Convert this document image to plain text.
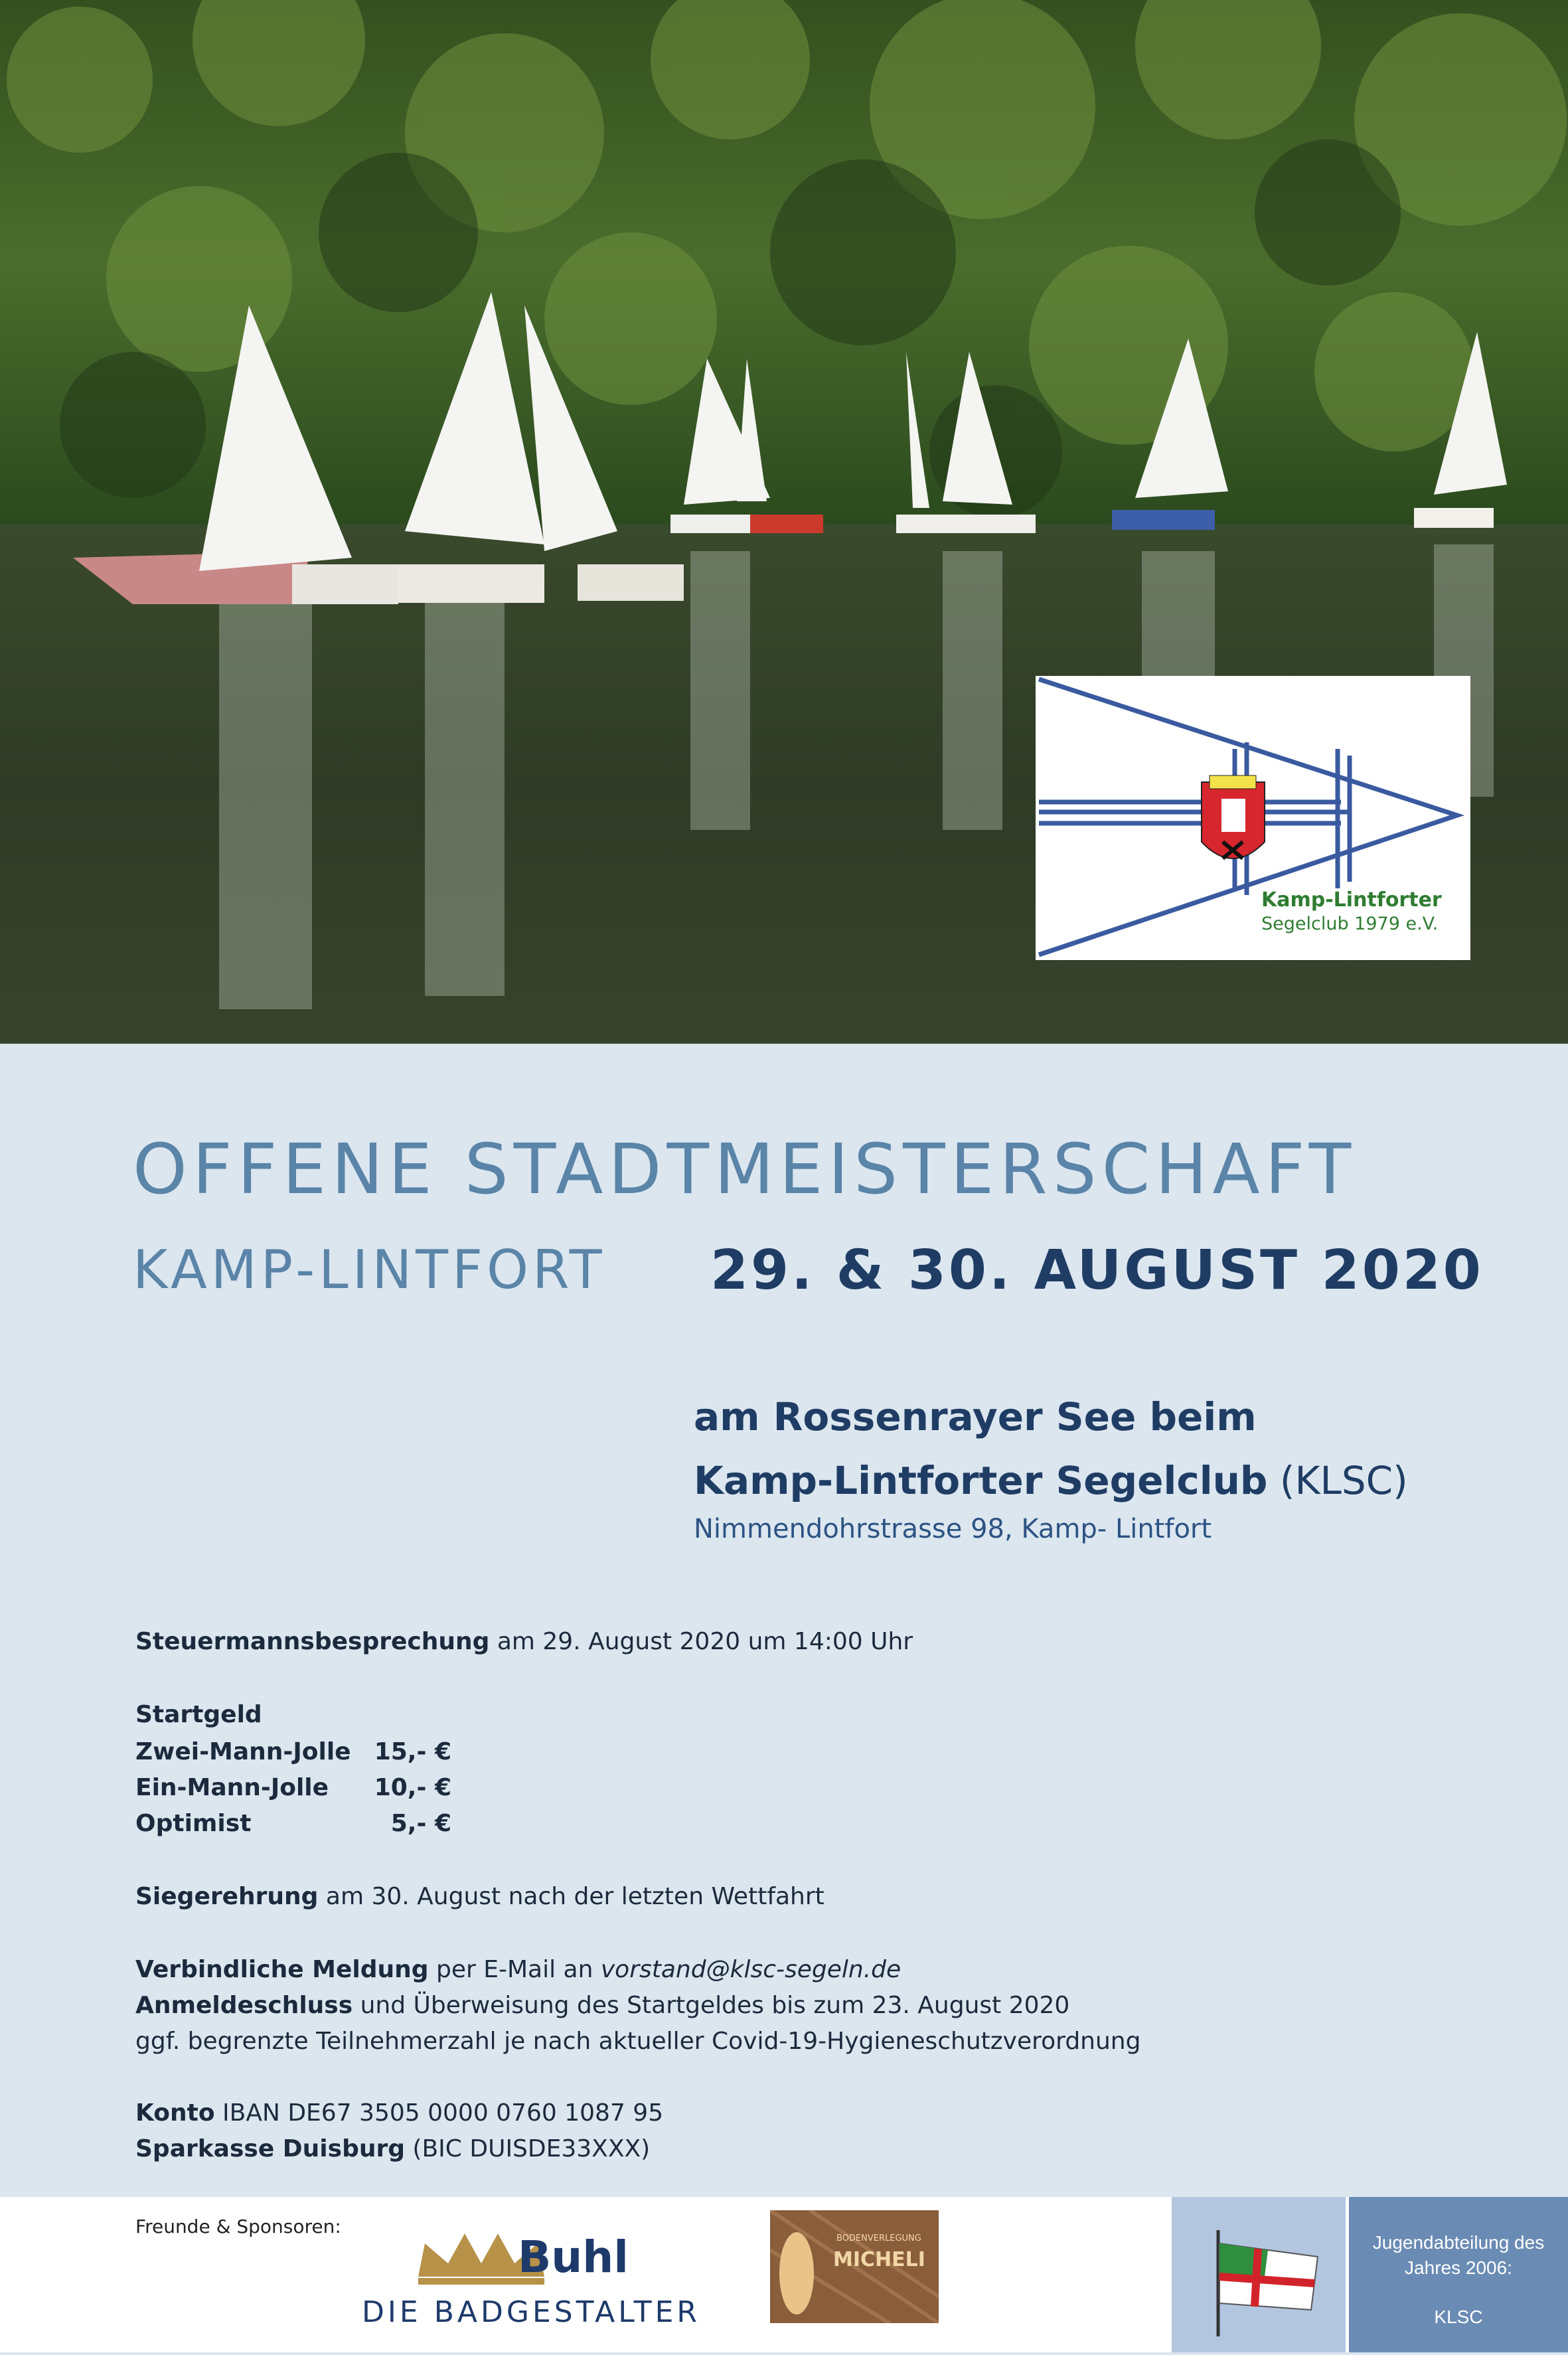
Kamp-Lintforter
Segelclub 1979 e.V.
OFFENE STADTMEISTERSCHAFT
KAMP-LINTFORT 29. & 30. AUGUST 2020
am Rossenrayer See beim
Kamp-Lintforter Segelclub (KLSC)
Nimmendohrstrasse 98, Kamp- Lintfort
Steuermannsbesprechung am 29. August 2020 um 14:00 Uhr
Startgeld
Zwei-Mann-Jolle 15,- €
Ein-Mann-Jolle	10,- €
Optimist	5,- €
Siegerehrung am 30. August nach der letzten Wettfahrt
Verbindliche Meldung per E-Mail an vorstand@klsc-segeln.de
Anmeldeschluss und Überweisung des Startgeldes bis zum 23. August 2020
ggf. begrenzte Teilnehmerzahl je nach aktueller Covid-19-Hygieneschutzverordnung
Konto IBAN DE67 3505 0000 0760 1087 95
Sparkasse Duisburg (BIC DUISDE33XXX)
Freunde & Sponsoren:
Buhl
DIE BADGESTALTER
BODENVERLEGUNG
MICHELI
Jugendabteilung des Jahres 2006:
KLSC
